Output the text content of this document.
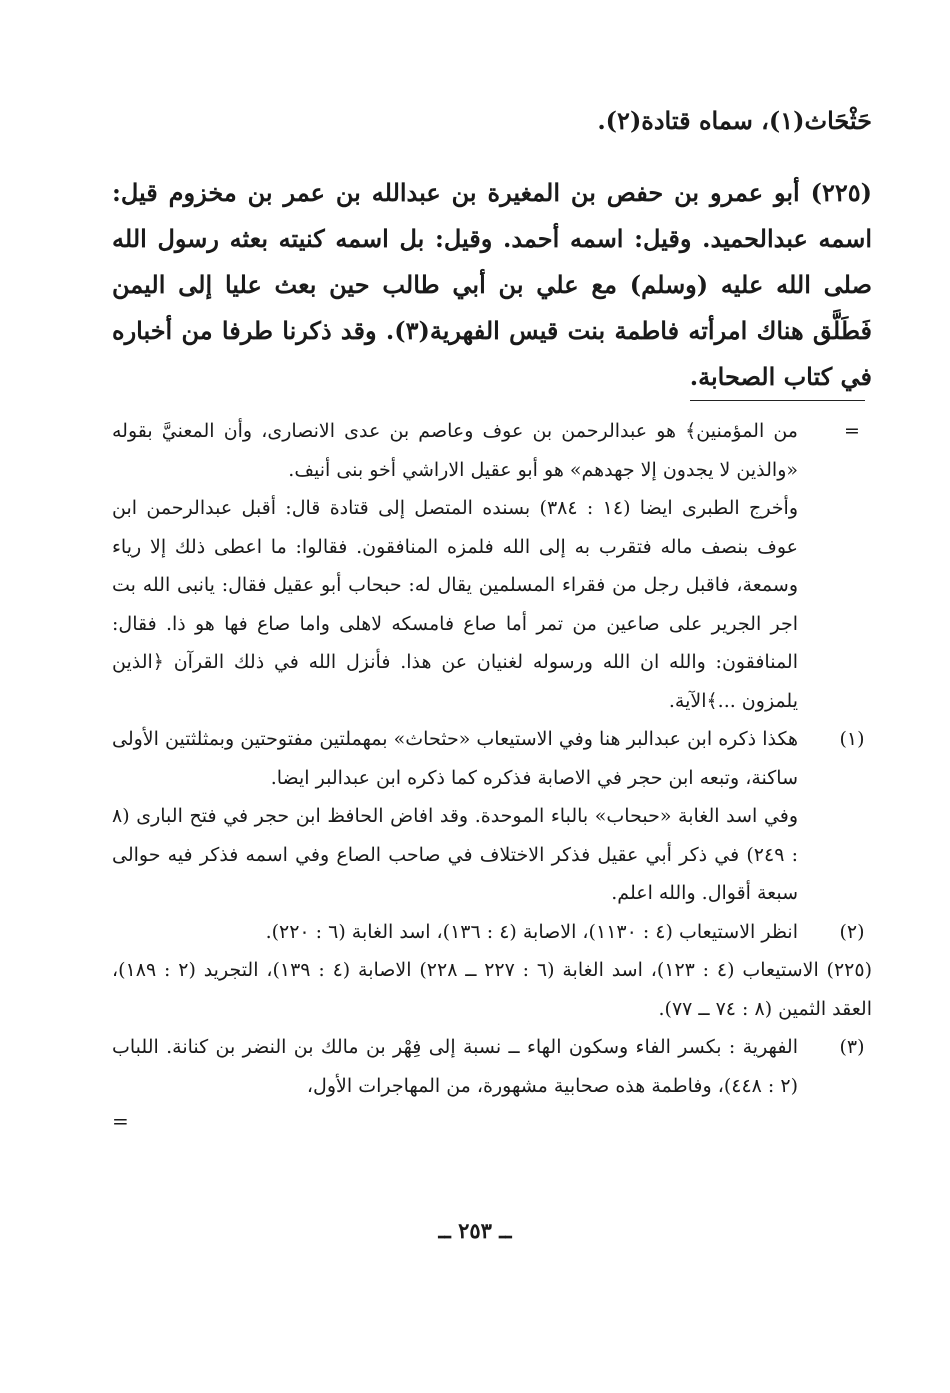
حَثْحَاث(١)، سماه قتادة(٢).
(٢٢٥) أبو عمرو بن حفص بن المغيرة بن عبدالله بن عمر بن مخزوم قيل: اسمه عبدالحميد. وقيل: اسمه أحمد. وقيل: بل اسمه كنيته بعثه رسول الله صلى الله عليه (وسلم) مع علي بن أبي طالب حين بعث عليا إلى اليمن فَطَلَّق هناك امرأته فاطمة بنت قيس الفهرية(٣). وقد ذكرنا طرفا من أخباره في كتاب الصحابة.
=
من المؤمنين﴾ هو عبدالرحمن بن عوف وعاصم بن عدى الانصارى، وأن المعنيَّ بقوله «والذين لا يجدون إلا جهدهم» هو أبو عقيل الاراشي أخو بنى أنيف.
وأخرج الطبرى ايضا (١٤ : ٣٨٤) بسنده المتصل إلى قتادة قال: أقبل عبدالرحمن ابن عوف بنصف ماله فتقرب به إلى الله فلمزه المنافقون. فقالوا: ما اعطى ذلك إلا رياء وسمعة، فاقبل رجل من فقراء المسلمين يقال له: حبحاب أبو عقيل فقال: يانبى الله بت اجر الجرير على صاعين من تمر أما صاع فامسكه لاهلى واما صاع فها هو ذا. فقال: المنافقون: والله ان الله ورسوله لغنيان عن هذا. فأنزل الله في ذلك القرآن ﴿الذين يلمزون ...﴾الآية.
(١)
هكذا ذكره ابن عبدالبر هنا وفي الاستيعاب «حثحاث» بمهملتين مفتوحتين وبمثلثتين الأولى ساكنة، وتبعه ابن حجر في الاصابة فذكره كما ذكره ابن عبدالبر ايضا.
وفي اسد الغابة «حبحاب» بالباء الموحدة. وقد افاض الحافظ ابن حجر في فتح البارى (٨ : ٢٤٩) في ذكر أبي عقيل فذكر الاختلاف في صاحب الصاع وفي اسمه فذكر فيه حوالى سبعة أقوال. والله اعلم.
(٢)
انظر الاستيعاب (٤ : ١١٣٠)، الاصابة (٤ : ١٣٦)، اسد الغابة (٦ : ٢٢٠).
(٢٢٥) الاستيعاب (٤ : ١٢٣)، اسد الغابة (٦ : ٢٢٧ ــ ٢٢٨) الاصابة (٤ : ١٣٩)، التجريد (٢ : ١٨٩)، العقد الثمين (٨ : ٧٤ ــ ٧٧).
(٣)
الفهرية : بكسر الفاء وسكون الهاء ــ نسبة إلى فِهْر بن مالك بن النضر بن كنانة. اللباب (٢ : ٤٤٨)، وفاطمة هذه صحابية مشهورة، من المهاجرات الأول،
=
ــ ٢٥٣ ــ
